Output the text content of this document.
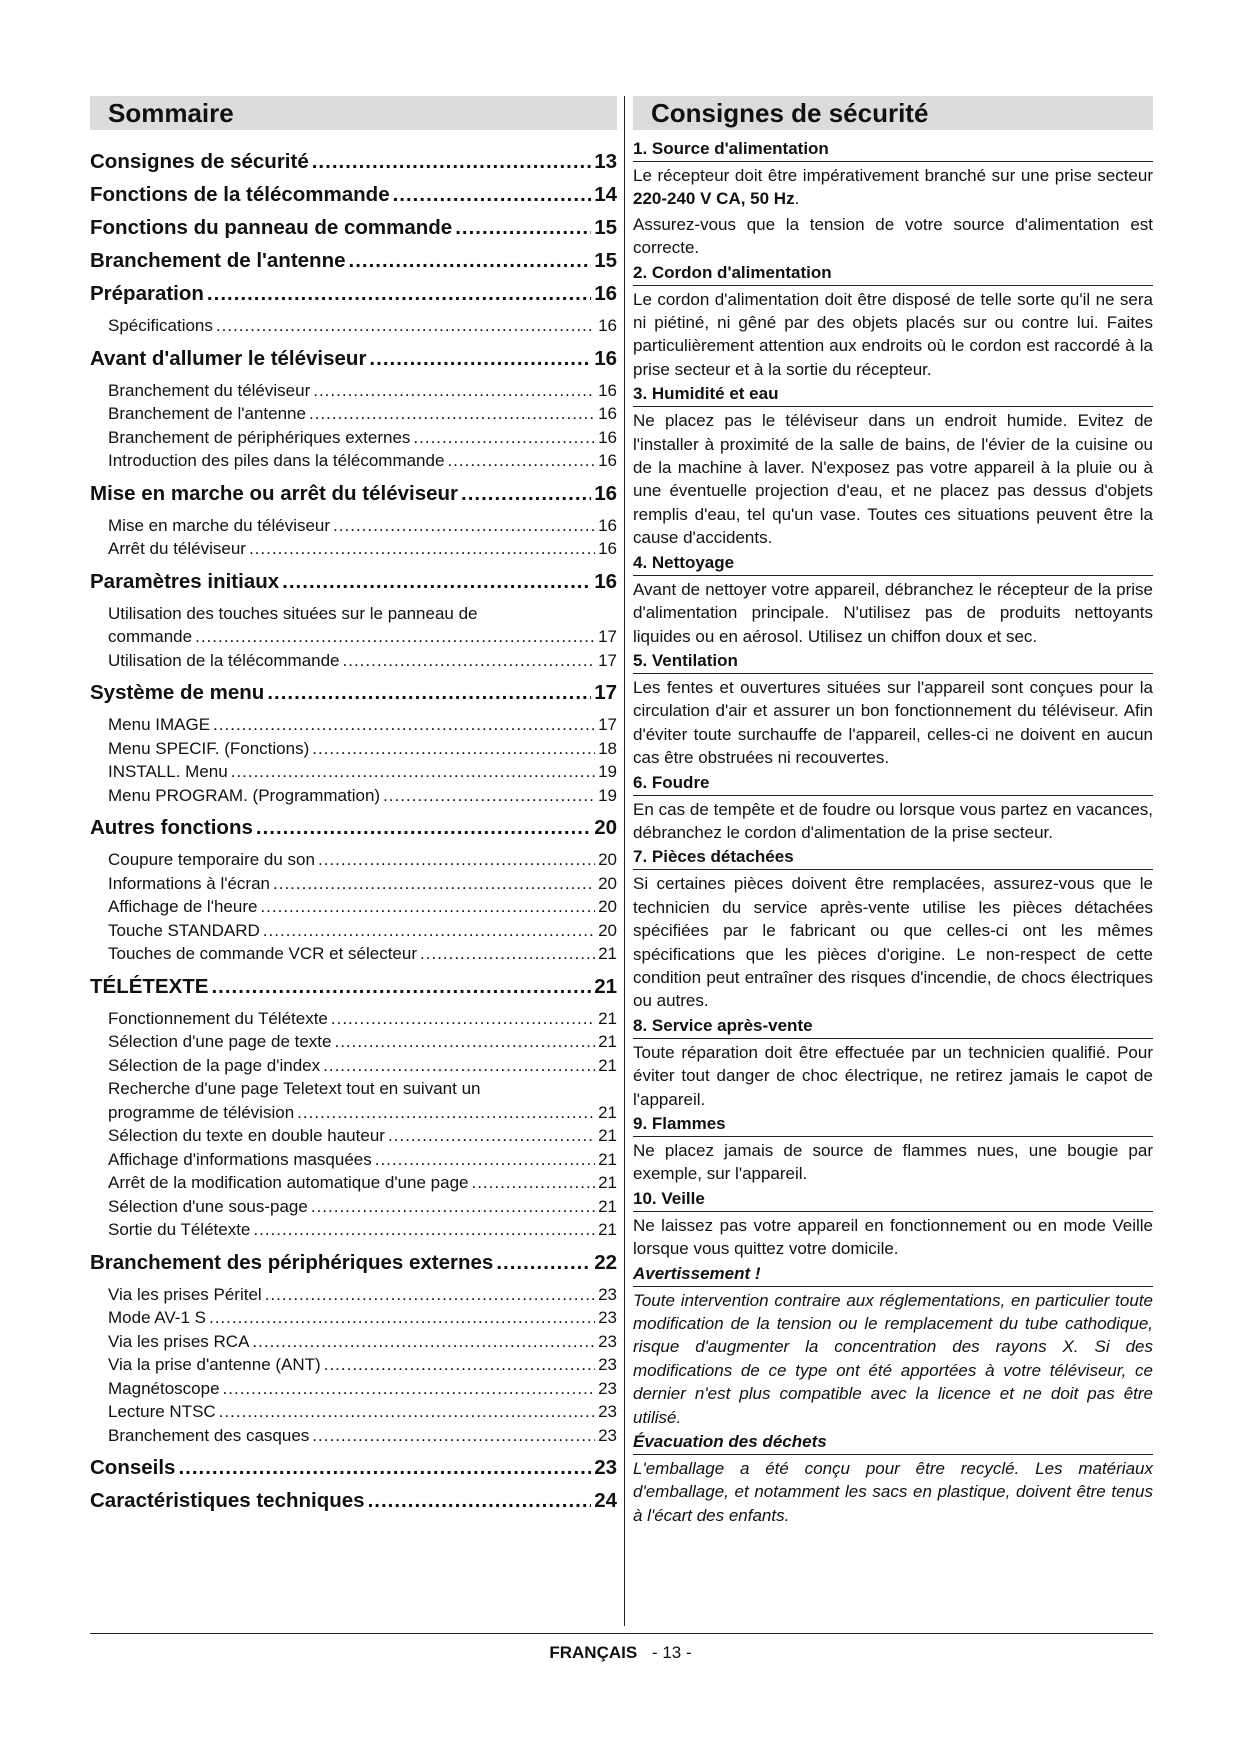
Sommaire
Consignes de sécurité .....	13
Fonctions de la télécommande .....	14
Fonctions du panneau de commande .....	15
Branchement de l'antenne .....	15
Préparation .....	16
Spécifications .....	16
Avant d'allumer le téléviseur .....	16
Branchement du téléviseur .....	16
Branchement de l'antenne .....	16
Branchement de périphériques externes .....	16
Introduction des piles dans la télécommande .....	16
Mise en marche ou arrêt du téléviseur .....	16
Mise en marche du téléviseur .....	16
Arrêt du téléviseur .....	16
Paramètres initiaux .....	16
Utilisation des touches situées sur le panneau de
commande .....	17
Utilisation de la télécommande .....	17
Système de menu .....	17
Menu IMAGE .....	17
Menu SPECIF. (Fonctions) .....	18
INSTALL. Menu .....	19
Menu PROGRAM. (Programmation) .....	19
Autres fonctions .....	20
Coupure temporaire du son .....	20
Informations à l'écran .....	20
Affichage de l'heure .....	20
Touche STANDARD .....	20
Touches de commande VCR et sélecteur .....	21
TÉLÉTEXTE .....	21
Fonctionnement du Télétexte .....	21
Sélection d'une page de texte .....	21
Sélection de la page d'index .....	21
Recherche d'une page Teletext tout en suivant un
programme de télévision .....	21
Sélection du texte en double hauteur .....	21
Affichage d'informations masquées .....	21
Arrêt de la modification automatique d'une page .....	21
Sélection d'une sous-page .....	21
Sortie du Télétexte .....	21
Branchement des périphériques externes .....	22
Via les prises Péritel .....	23
Mode AV-1 S .....	23
Via les prises RCA .....	23
Via la prise d'antenne (ANT) .....	23
Magnétoscope .....	23
Lecture NTSC .....	23
Branchement des casques .....	23
Conseils .....	23
Caractéristiques techniques .....	24
Consignes de sécurité
1. Source d'alimentation

Le récepteur doit être impérativement branché sur une prise secteur 220-240 V CA, 50 Hz.

Assurez-vous que la tension de votre source d'alimentation est correcte.

2. Cordon d'alimentation

Le cordon d'alimentation doit être disposé de telle sorte qu'il ne sera ni piétiné, ni gêné par des objets placés sur ou contre lui. Faites particulièrement attention aux endroits où le cordon est raccordé à la prise secteur et à la sortie du récepteur.

3. Humidité et eau

Ne placez pas le téléviseur dans un endroit humide. Evitez de l'installer à proximité de la salle de bains, de l'évier de la cuisine ou de la machine à laver. N'exposez pas votre appareil à la pluie ou à une éventuelle projection d'eau, et ne placez pas dessus d'objets remplis d'eau, tel qu'un vase. Toutes ces situations peuvent être la cause d'accidents.

4. Nettoyage

Avant de nettoyer votre appareil, débranchez le récepteur de la prise d'alimentation principale. N'utilisez pas de produits nettoyants liquides ou en aérosol. Utilisez un chiffon doux et sec.

5. Ventilation

Les fentes et ouvertures situées sur l'appareil sont conçues pour la circulation d'air et assurer un bon fonctionnement du téléviseur. Afin d'éviter toute surchauffe de l'appareil, celles-ci ne doivent en aucun cas être obstruées ni recouvertes.

6. Foudre

En cas de tempête et de foudre ou lorsque vous partez en vacances, débranchez le cordon d'alimentation de la prise secteur.

7. Pièces détachées

Si certaines pièces doivent être remplacées, assurez-vous que le technicien du service après-vente utilise les pièces détachées spécifiées par le fabricant ou que celles-ci ont les mêmes spécifications que les pièces d'origine. Le non-respect de cette condition peut entraîner des risques d'incendie, de chocs électriques ou autres.

8. Service après-vente

Toute réparation doit être effectuée par un technicien qualifié. Pour éviter tout danger de choc électrique, ne retirez jamais le capot de l'appareil.

9. Flammes

Ne placez jamais de source de flammes nues, une bougie par exemple, sur l'appareil.

10. Veille

Ne laissez pas votre appareil en fonctionnement ou en mode Veille lorsque vous quittez votre domicile.

Avertissement !

Toute intervention contraire aux réglementations, en particulier toute modification de la tension ou le remplacement du tube cathodique, risque d'augmenter la concentration des rayons X. Si des modifications de ce type ont été apportées à votre téléviseur, ce dernier n'est plus compatible avec la licence et ne doit pas être utilisé.

Évacuation des déchets

L'emballage a été conçu pour être recyclé. Les matériaux d'emballage, et notamment les sacs en plastique, doivent être tenus à l'écart des enfants.

FRANÇAIS - 13 -
